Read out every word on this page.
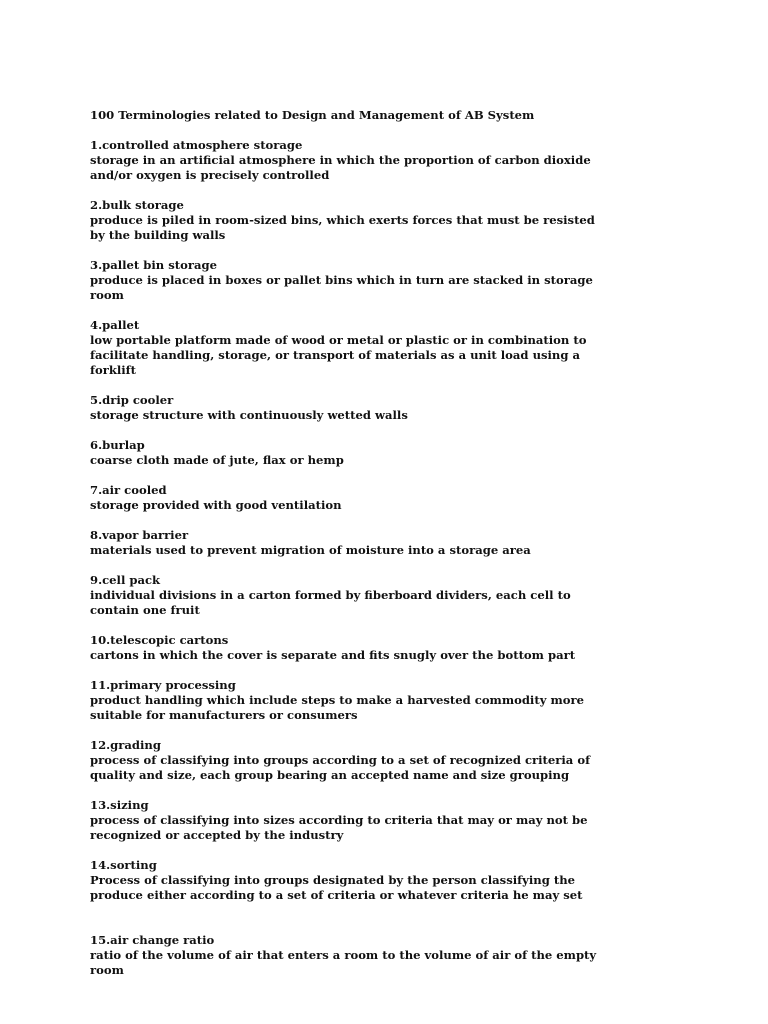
100 Terminologies related to Design and Management of AB System
1.controlled atmosphere storage
storage in an artificial atmosphere in which the proportion of carbon dioxide and/or oxygen is precisely controlled
2.bulk storage
produce is piled in room-sized bins, which exerts forces that must be resisted by the building walls
3.pallet bin storage
produce is placed in boxes or pallet bins which in turn are stacked in storage room
4.pallet
low portable platform made of wood or metal or plastic or in combination to facilitate handling, storage, or transport of materials as a unit load using a forklift
5.drip cooler
storage structure with continuously wetted walls
6.burlap
coarse cloth made of jute, flax or hemp
7.air cooled
storage provided with good ventilation
8.vapor barrier
materials used to prevent migration of moisture into a storage area
9.cell pack
individual divisions in a carton formed by fiberboard dividers, each cell to contain one fruit
10.telescopic cartons
cartons in which the cover is separate and fits snugly over the bottom part
11.primary processing
product handling which include steps to make a harvested commodity more suitable for manufacturers or consumers
12.grading
process of classifying into groups according to a set of recognized criteria of quality and size, each group bearing an accepted name and size grouping
13.sizing
process of classifying into sizes according to criteria that may or may not be recognized or accepted by the industry
14.sorting
Process of classifying into groups designated by the person classifying the produce either according to a set of criteria or whatever criteria he may set
15.air change ratio
ratio of the volume of air that enters a room to the volume of air of the empty room
